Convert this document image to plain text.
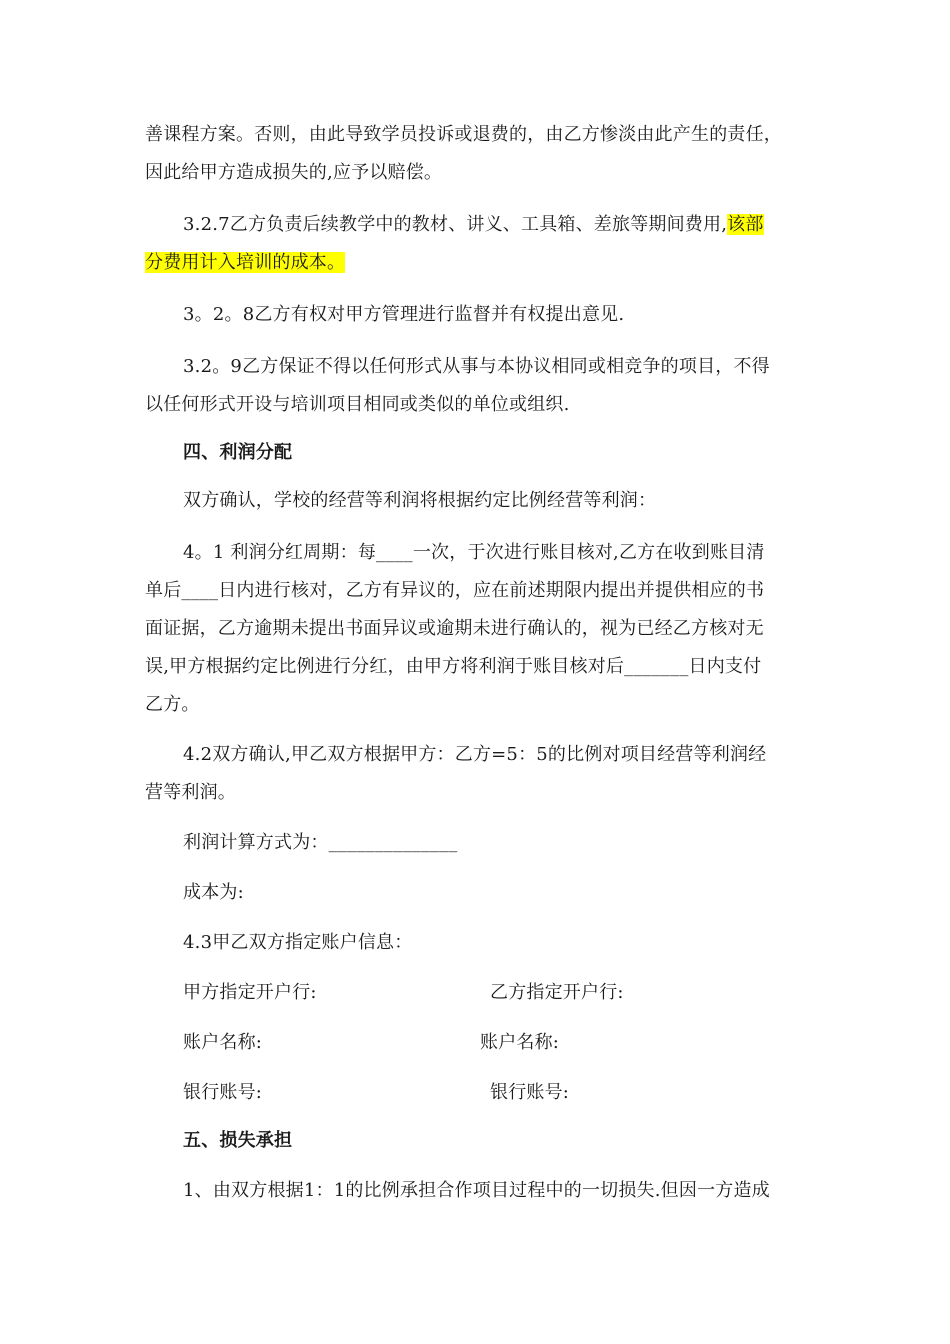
善课程方案。否则，由此导致学员投诉或退费的，由乙方惨淡由此产生的责任，
因此给甲方造成损失的,应予以赔偿。
3.2.7乙方负责后续教学中的教材、讲义、工具箱、差旅等期间费用,该部
分费用计入培训的成本。
3。2。8乙方有权对甲方管理进行监督并有权提出意见.
3.2。9乙方保证不得以任何形式从事与本协议相同或相竞争的项目，不得
以任何形式开设与培训项目相同或类似的单位或组织.
四、利润分配
双方确认，学校的经营等利润将根据约定比例经营等利润：
4。1 利润分红周期：每____一次，于次进行账目核对,乙方在收到账目清
单后____日内进行核对，乙方有异议的，应在前述期限内提出并提供相应的书
面证据，乙方逾期未提出书面异议或逾期未进行确认的，视为已经乙方核对无
误,甲方根据约定比例进行分红，由甲方将利润于账目核对后_______日内支付
乙方。
4.2双方确认,甲乙双方根据甲方：乙方=5：5的比例对项目经营等利润经
营等利润。
利润计算方式为：______________
成本为:
4.3甲乙双方指定账户信息：
甲方指定开户行:	乙方指定开户行:
账户名称:	账户名称:
银行账号:	银行账号:
五、损失承担
1、由双方根据1：1的比例承担合作项目过程中的一切损失.但因一方造成
